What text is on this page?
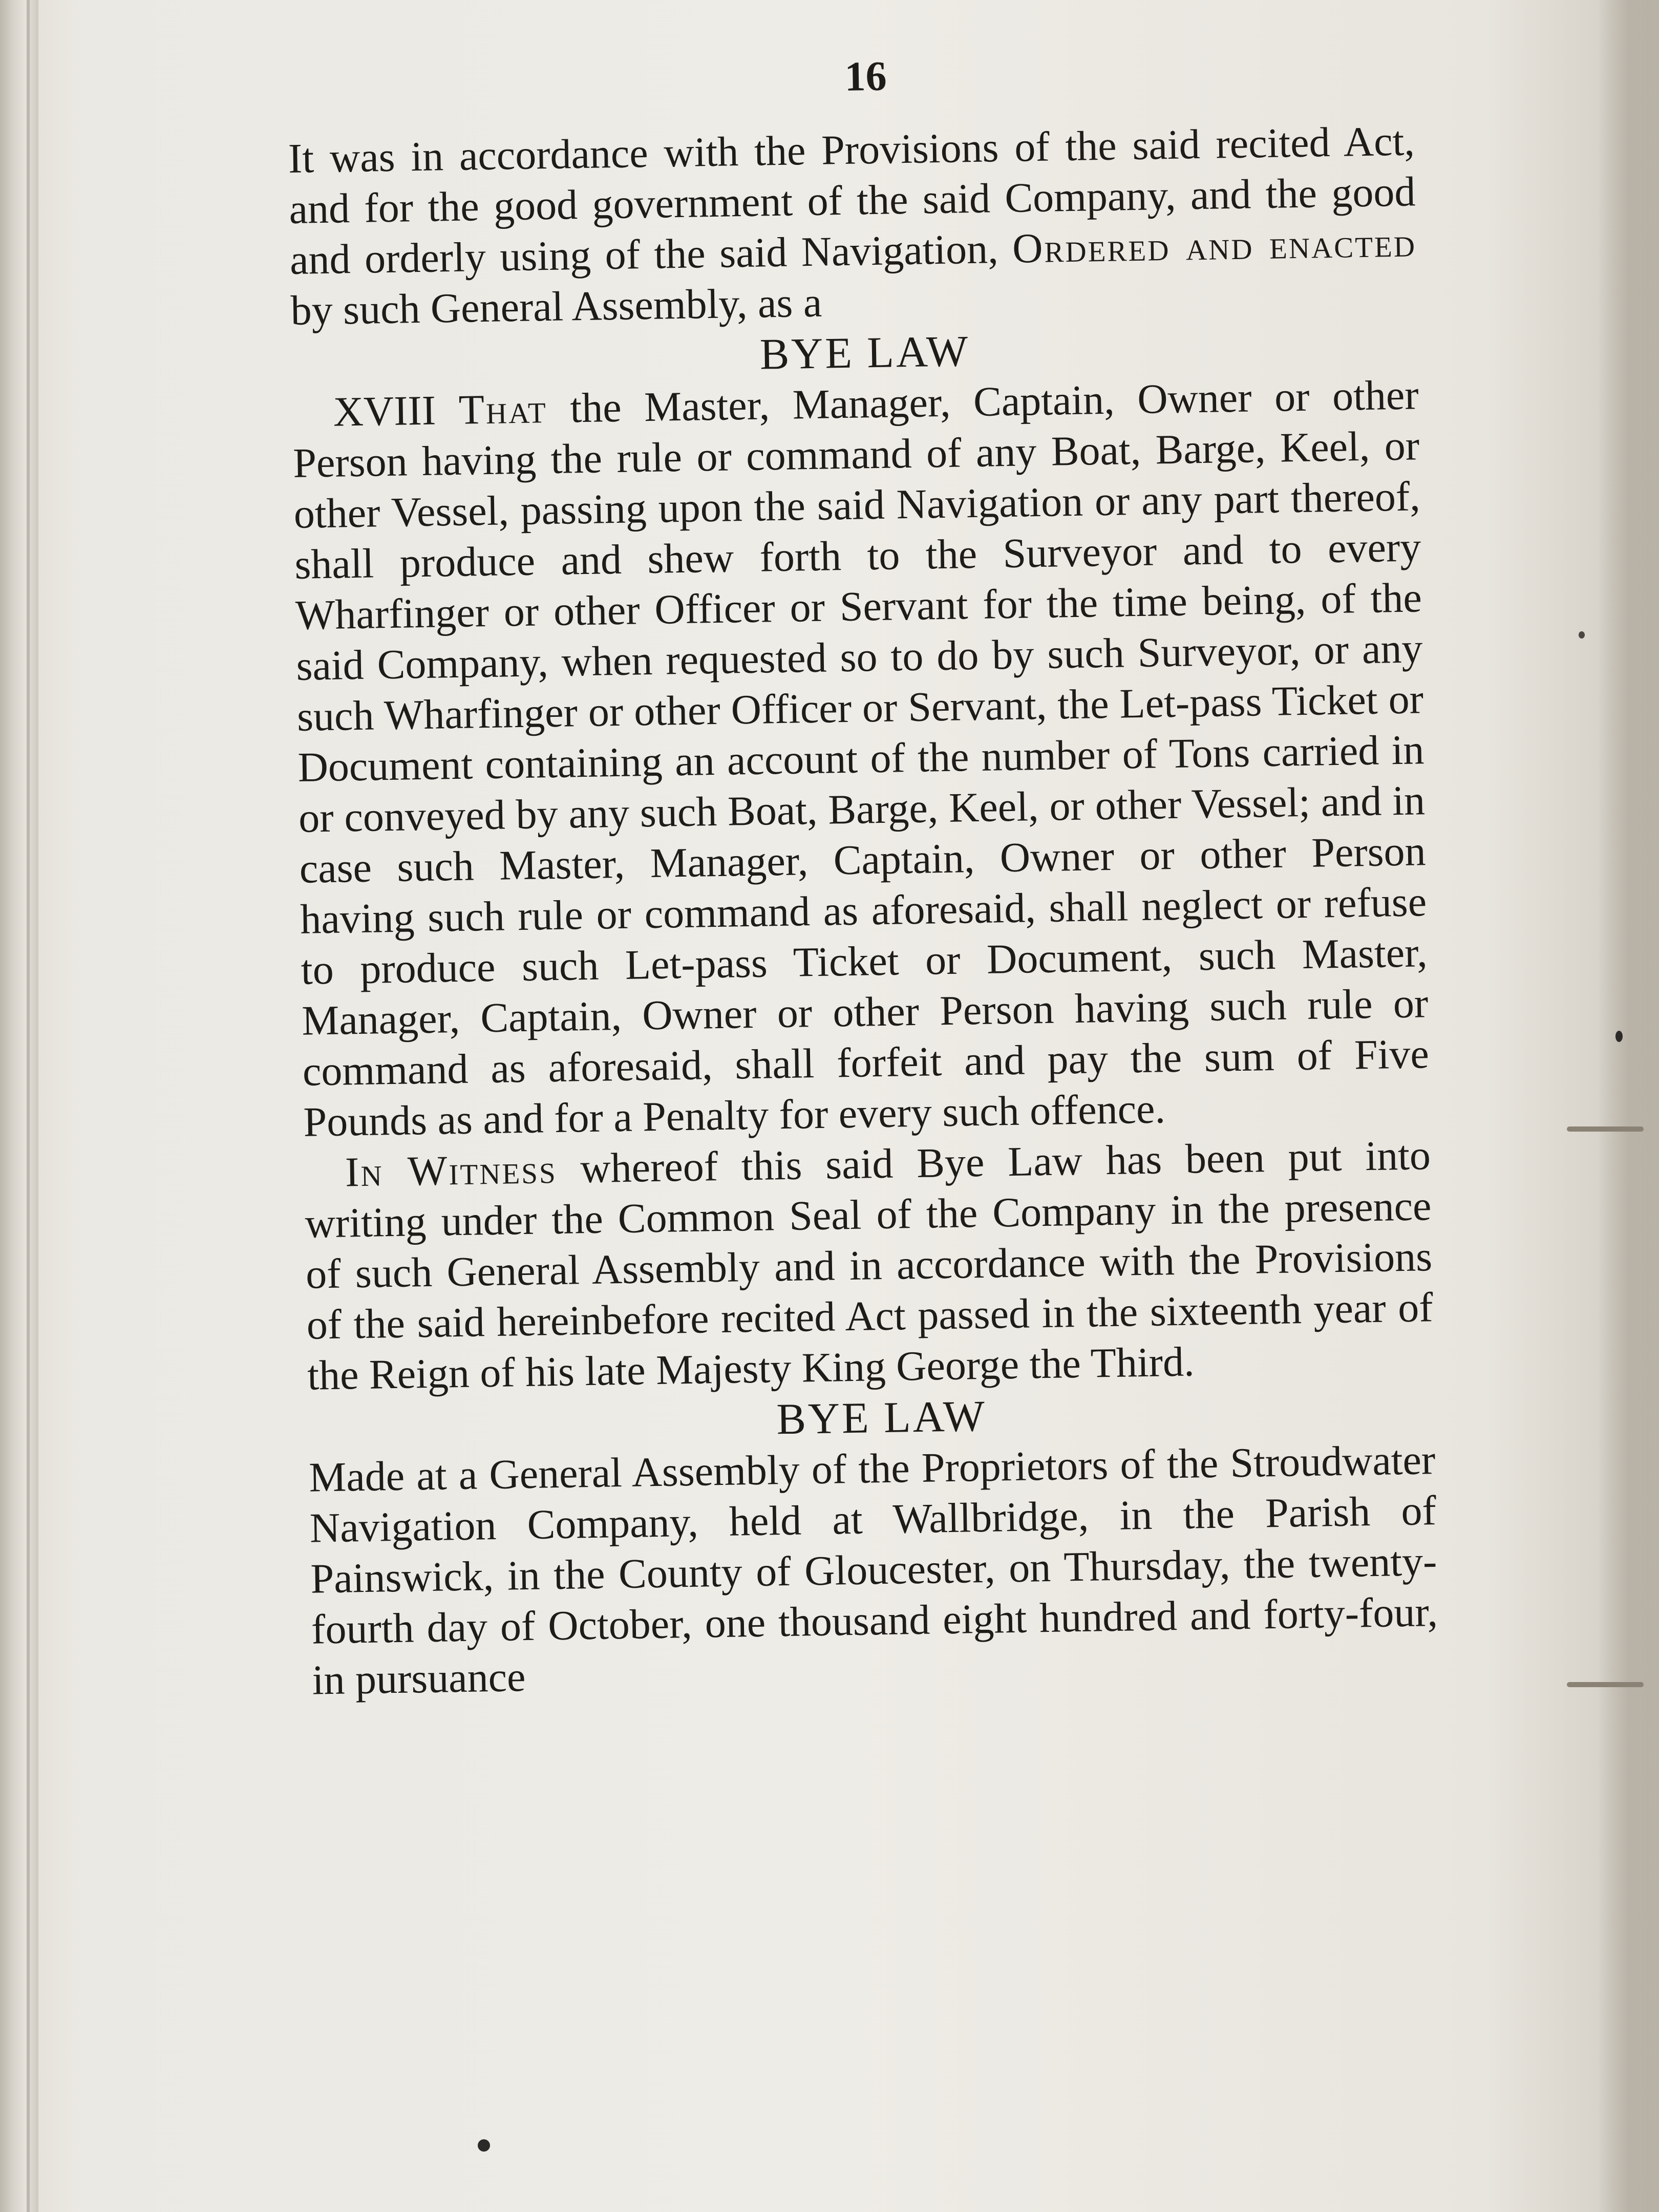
16

It was in accordance with the Provisions of the said recited Act, and for the good government of the said Company, and the good and orderly using of the said Navigation, Ordered and enacted by such General Assembly, as a

BYE LAW

XVIII That the Master, Manager, Captain, Owner or other Person having the rule or command of any Boat, Barge, Keel, or other Vessel, passing upon the said Navigation or any part thereof, shall produce and shew forth to the Surveyor and to every Wharfinger or other Officer or Servant for the time being, of the said Company, when requested so to do by such Surveyor, or any such Wharfinger or other Officer or Servant, the Let-pass Ticket or Document containing an account of the number of Tons carried in or conveyed by any such Boat, Barge, Keel, or other Vessel; and in case such Master, Manager, Captain, Owner or other Person having such rule or command as aforesaid, shall neglect or refuse to produce such Let-pass Ticket or Document, such Master, Manager, Captain, Owner or other Person having such rule or command as aforesaid, shall forfeit and pay the sum of Five Pounds as and for a Penalty for every such offence.

In Witness whereof this said Bye Law has been put into writing under the Common Seal of the Company in the presence of such General Assembly and in accordance with the Provisions of the said hereinbefore recited Act passed in the sixteenth year of the Reign of his late Majesty King George the Third.

BYE LAW

Made at a General Assembly of the Proprietors of the Stroudwater Navigation Company, held at Wallbridge, in the Parish of Painswick, in the County of Gloucester, on Thursday, the twenty-fourth day of October, one thousand eight hundred and forty-four, in pursuance
